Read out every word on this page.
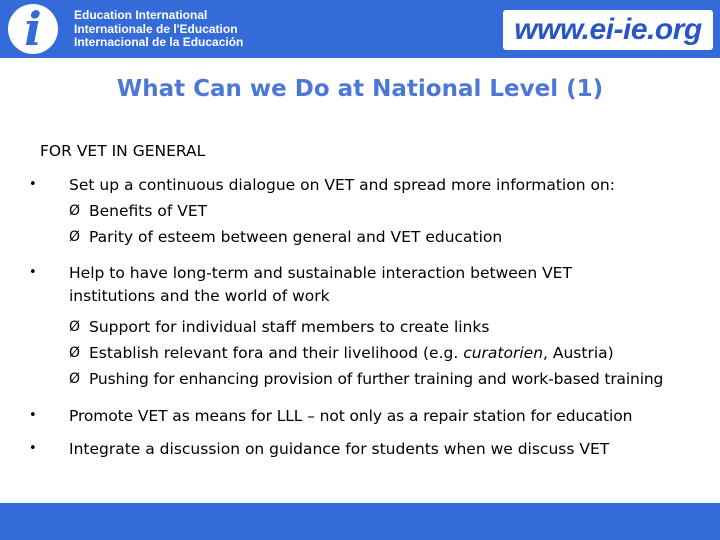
i	Education International
Internationale de l'Education
Internacional de la Educación	www.ei-ie.org
What Can we Do at National Level (1)
FOR VET IN GENERAL
• Set up a continuous dialogue on VET and spread more information on:
Ø Benefits of VET
Ø Parity of esteem between general and VET education
• Help to have long-term and sustainable interaction between VET
institutions and the world of work
Ø Support for individual staff members to create links
Ø Establish relevant fora and their livelihood (e.g. curatorien, Austria)
Ø Pushing for enhancing provision of further training and work-based training
• Promote VET as means for LLL – not only as a repair station for education
• Integrate a discussion on guidance for students when we discuss VET
